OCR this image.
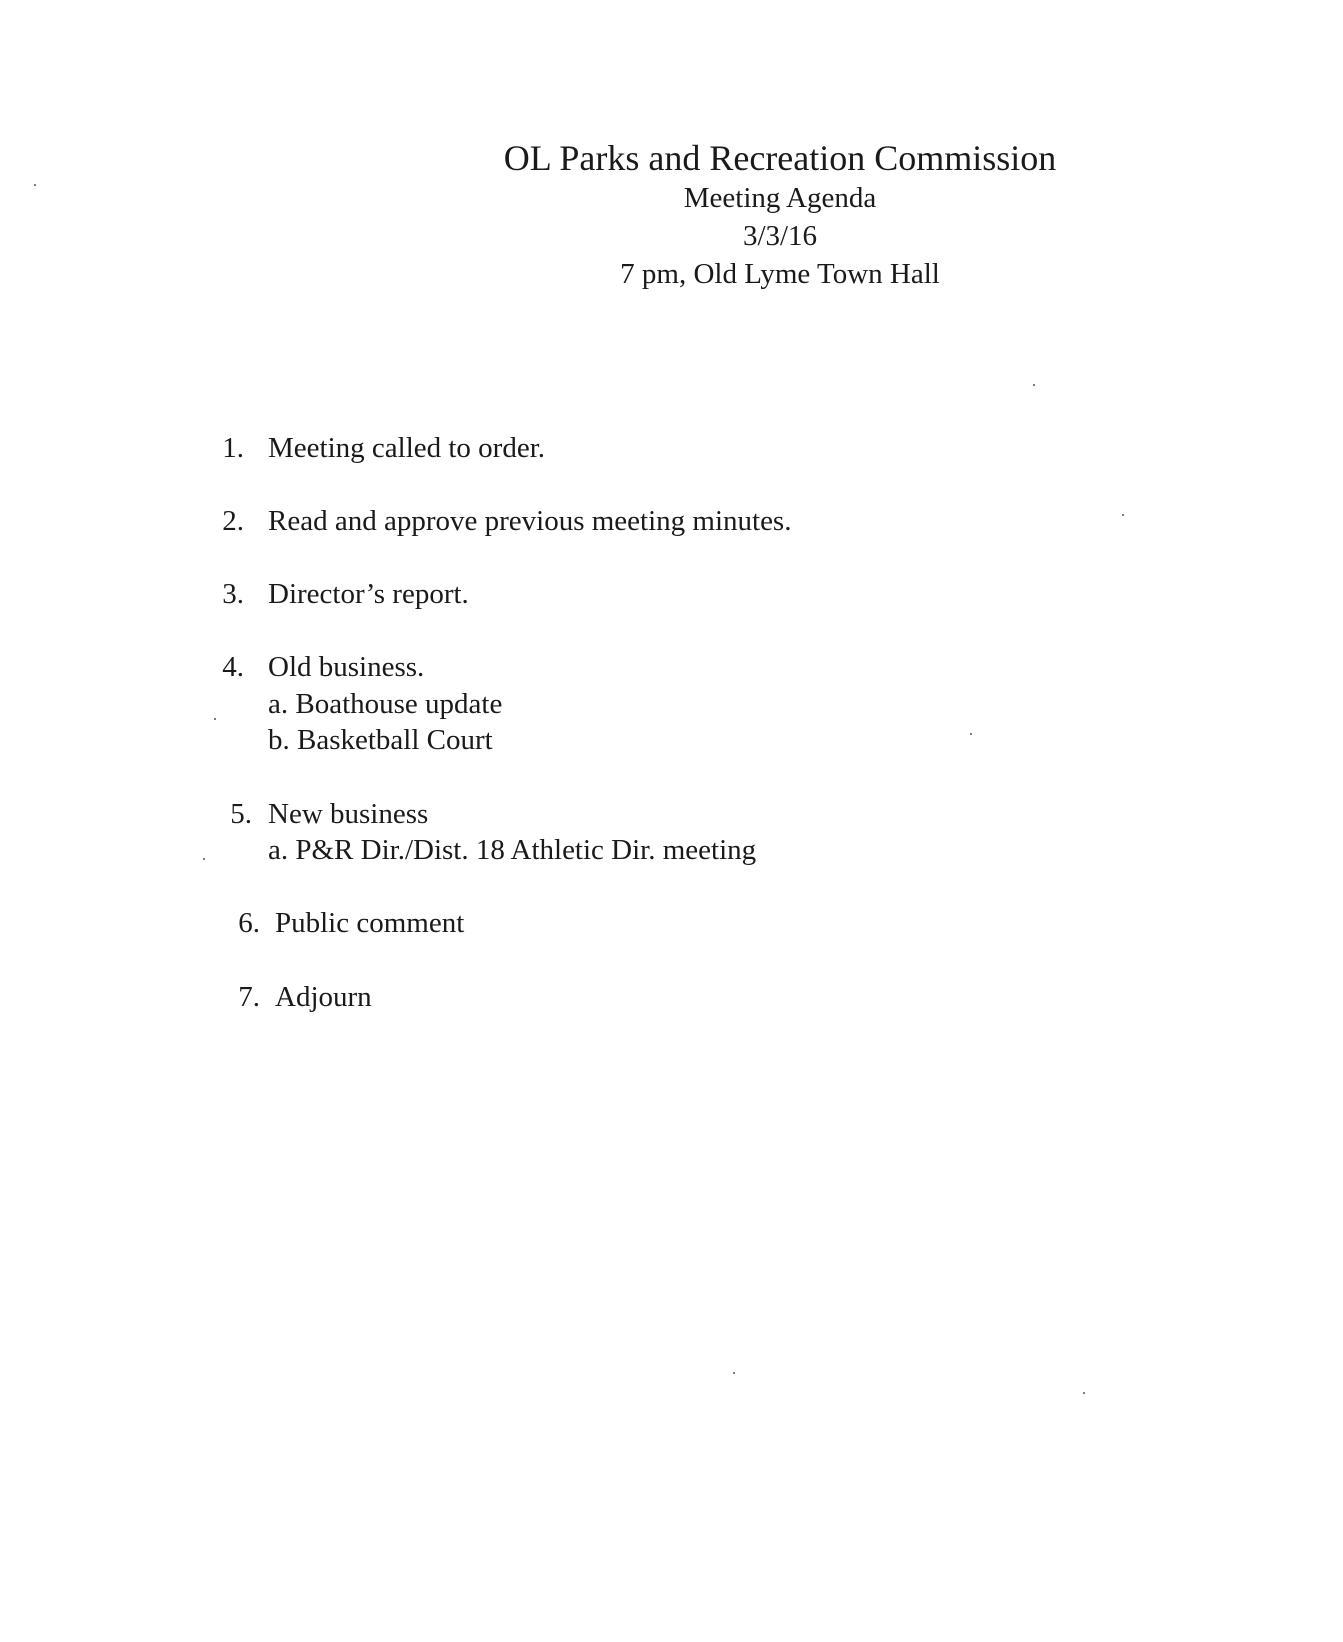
OL Parks and Recreation Commission
Meeting Agenda
3/3/16
7 pm, Old Lyme Town Hall
1. Meeting called to order.
2. Read and approve previous meeting minutes.
3. Director’s report.
4. Old business.
a. Boathouse update
b. Basketball Court
5. New business
a. P&R Dir./Dist. 18 Athletic Dir. meeting
6. Public comment
7. Adjourn
